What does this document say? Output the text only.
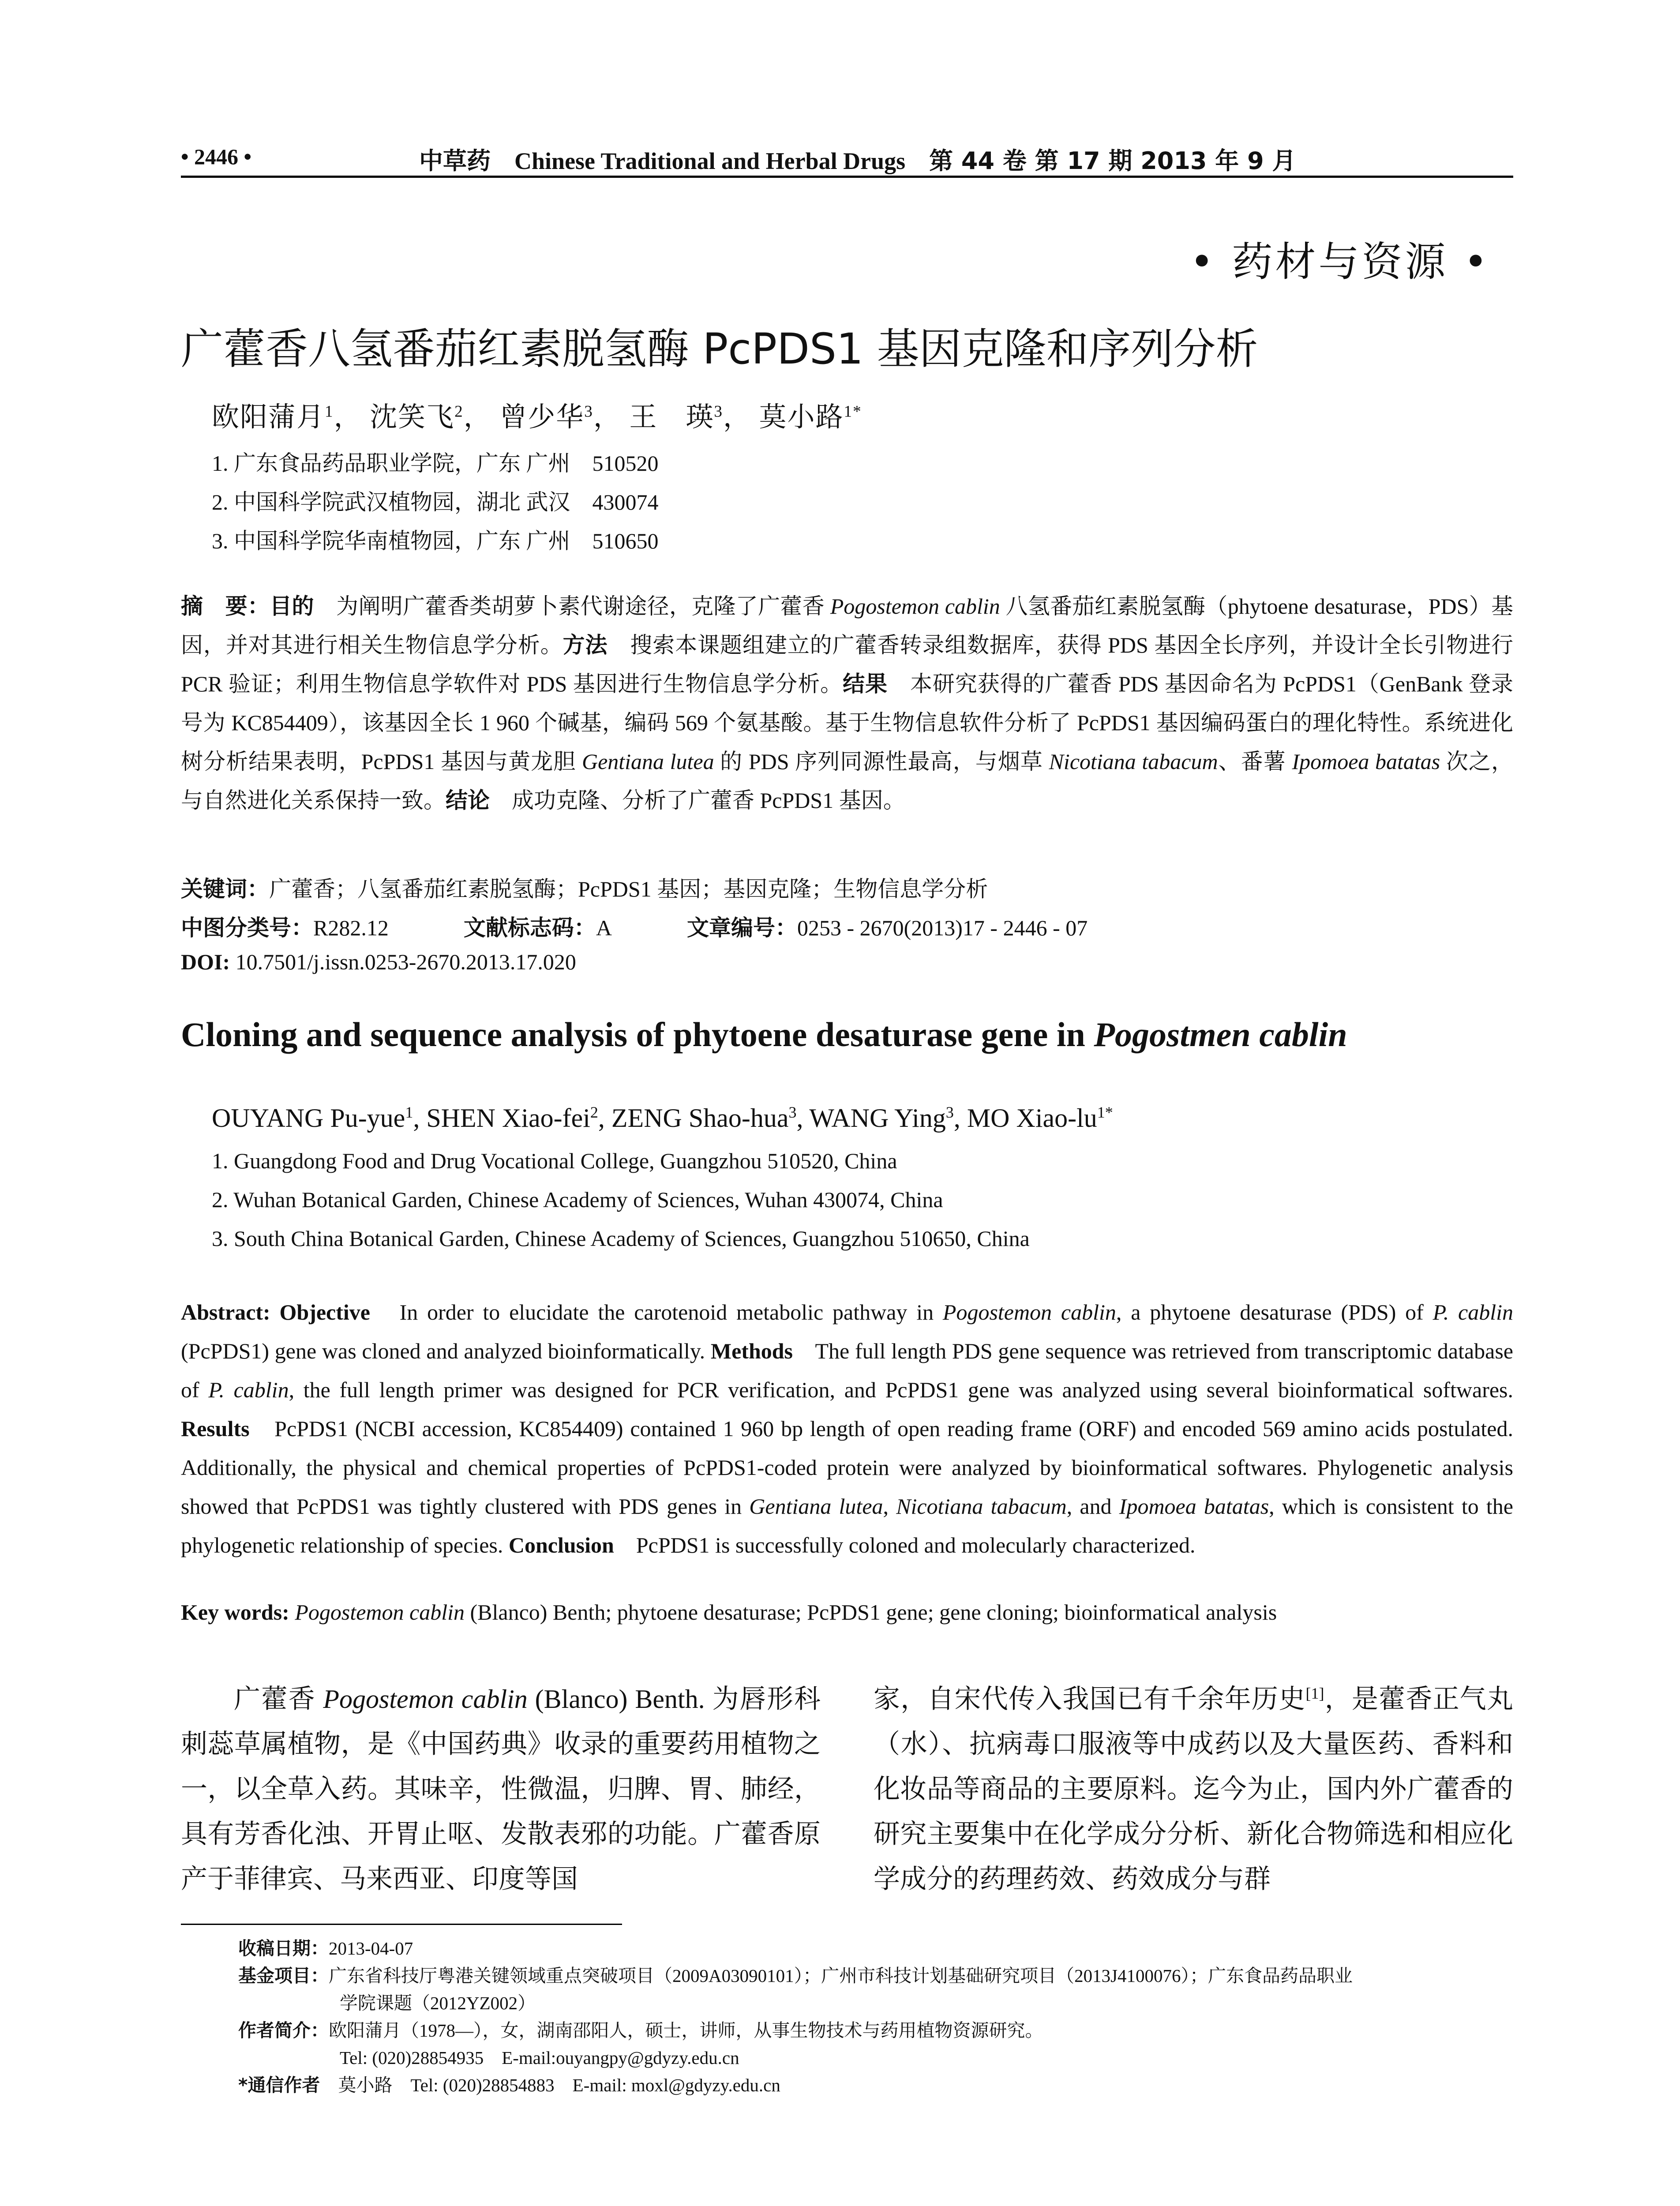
• 2446 •	中草药　 Chinese Traditional and Herbal Drugs　 第 44 卷 第 17 期 2013 年 9 月
• 药材与资源 •
广藿香八氢番茄红素脱氢酶 PcPDS1 基因克隆和序列分析
欧阳蒲月$^1$， 沈笑飞$^2$， 曾少华$^3$， 王　瑛$^3$， 莫小路$^{1*}$
1. 广东食品药品职业学院，广东 广州　510520
2. 中国科学院武汉植物园，湖北 武汉　430074
3. 中国科学院华南植物园，广东 广州　510650

摘　要：目的　为阐明广藿香类胡萝卜素代谢途径，克隆了广藿香 Pogostemon cablin 八氢番茄红素脱氢酶（phytoene desaturase，PDS）基因，并对其进行相关生物信息学分析。方法　搜索本课题组建立的广藿香转录组数据库，获得 PDS 基因全长序列，并设计全长引物进行 PCR 验证；利用生物信息学软件对 PDS 基因进行生物信息学分析。结果　本研究获得的广藿香 PDS 基因命名为 PcPDS1（GenBank 登录号为 KC854409），该基因全长 1 960 个碱基，编码 569 个氨基酸。基于生物信息软件分析了 PcPDS1 基因编码蛋白的理化特性。系统进化树分析结果表明，PcPDS1 基因与黄龙胆 Gentiana lutea 的 PDS 序列同源性最高，与烟草 Nicotiana tabacum、番薯 Ipomoea batatas 次之，与自然进化关系保持一致。结论　成功克隆、分析了广藿香 PcPDS1 基因。

关键词：广藿香；八氢番茄红素脱氢酶；PcPDS1 基因；基因克隆；生物信息学分析
中图分类号：R282.12	文献标志码：A	文章编号：0253 - 2670(2013)17 - 2446 - 07
DOI: 10.7501/j.issn.0253-2670.2013.17.020
Cloning and sequence analysis of phytoene desaturase gene in Pogostmen cablin
OUYANG Pu-yue$^1$, SHEN Xiao-fei$^2$, ZENG Shao-hua$^3$, WANG Ying$^3$, MO Xiao-$lu^{1*}$
1. Guangdong Food and Drug Vocational College, Guangzhou 510520, China
2. Wuhan Botanical Garden, Chinese Academy of Sciences, Wuhan 430074, China
3. South China Botanical Garden, Chinese Academy of Sciences, Guangzhou 510650, China

Abstract: Objective　In order to elucidate the carotenoid metabolic pathway in Pogostemon cablin, a phytoene desaturase (PDS) of P. cablin (PcPDS1) gene was cloned and analyzed bioinformatically. Methods　The full length PDS gene sequence was retrieved from transcriptomic database of P. cablin, the full length primer was designed for PCR verification, and PcPDS1 gene was analyzed using several bioinformatical softwares. Results　PcPDS1 (NCBI accession, KC854409) contained 1 960 bp length of open reading frame (ORF) and encoded 569 amino acids postulated. Additionally, the physical and chemical properties of PcPDS1-coded protein were analyzed by bioinformatical softwares. Phylogenetic analysis showed that PcPDS1 was tightly clustered with PDS genes in Gentiana lutea, Nicotiana tabacum, and Ipomoea batatas, which is consistent to the phylogenetic relationship of species. Conclusion　PcPDS1 is successfully coloned and molecularly characterized.

Key words: Pogostemon cablin (Blanco) Benth; phytoene desaturase; PcPDS1 gene; gene cloning; bioinformatical analysis

广藿香 Pogostemon cablin (Blanco) Benth. 为唇形科刺蕊草属植物，是《中国药典》收录的重要药用植物之一，以全草入药。其味辛，性微温，归脾、胃、肺经，具有芳香化浊、开胃止呕、发散表邪的功能。广藿香原产于菲律宾、马来西亚、印度等国

家，自宋代传入我国已有千余年历史[1]，是藿香正气丸（水）、抗病毒口服液等中成药以及大量医药、香料和化妆品等商品的主要原料。迄今为止，国内外广藿香的研究主要集中在化学成分分析、新化合物筛选和相应化学成分的药理药效、药效成分与群

收稿日期：2013-04-07
基金项目：广东省科技厅粤港关键领域重点突破项目（2009A03090101）；广州市科技计划基础研究项目（2013J4100076）；广东食品药品职业
学院课题（2012YZ002）
作者简介：欧阳蒲月（1978—），女，湖南邵阳人，硕士，讲师，从事生物技术与药用植物资源研究。
Tel: (020)28854935　E-mail:ouyangpy@gdyzy.edu.cn
*通信作者　莫小路　Tel: (020)28854883　E-mail: moxl@gdyzy.edu.cn
